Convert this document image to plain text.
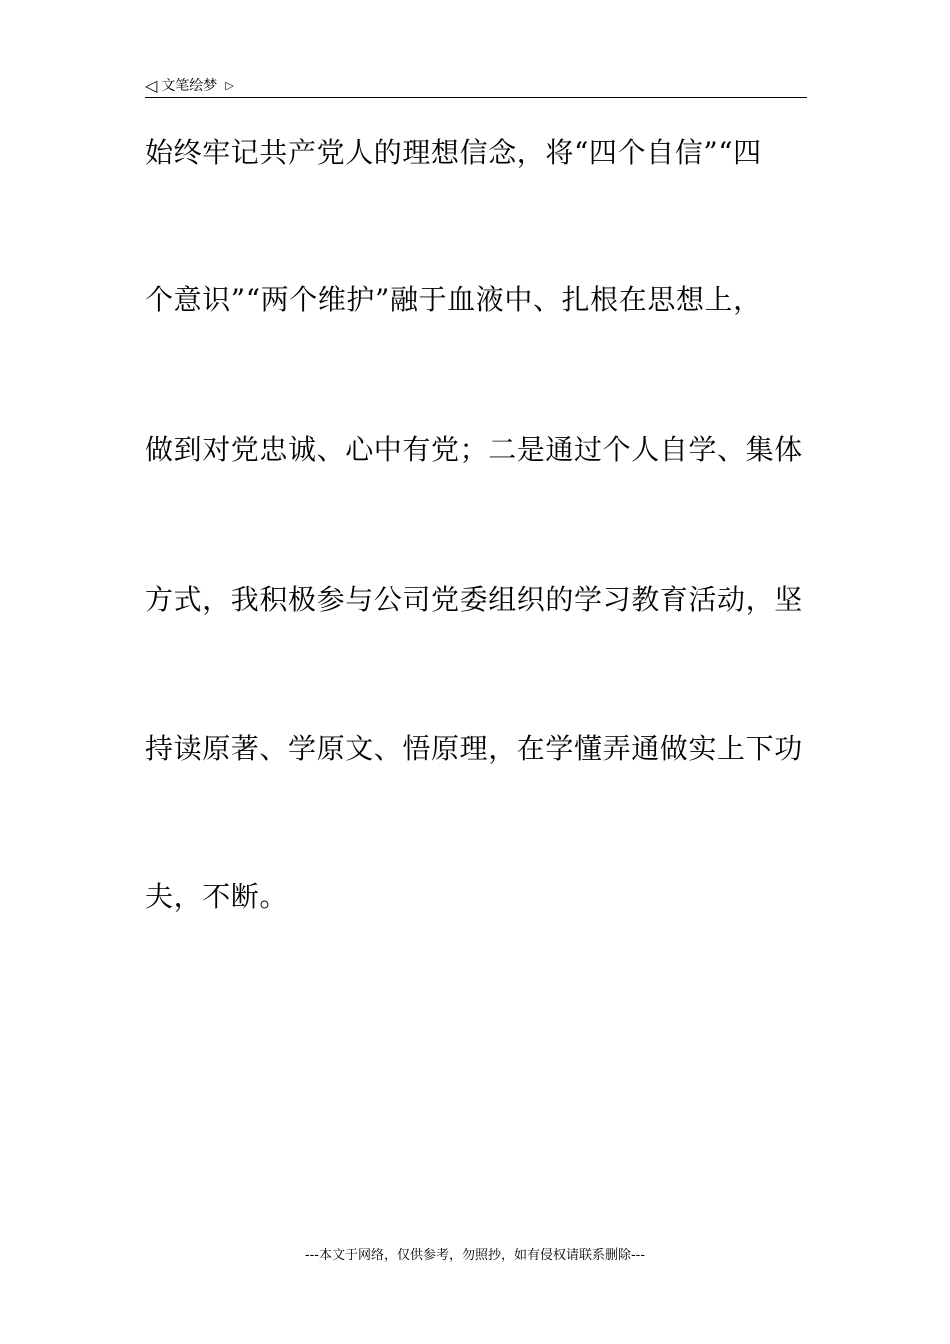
◁ 文笔绘梦 ▷
始终牢记共产党人的理想信念，将“四个自信”“四
个意识”“两个维护”融于血液中、扎根在思想上，
做到对党忠诚、心中有党；二是通过个人自学、集体
方式，我积极参与公司党委组织的学习教育活动，坚
持读原著、学原文、悟原理，在学懂弄通做实上下功
夫，不断。
---本文于网络，仅供参考，勿照抄，如有侵权请联系删除---
